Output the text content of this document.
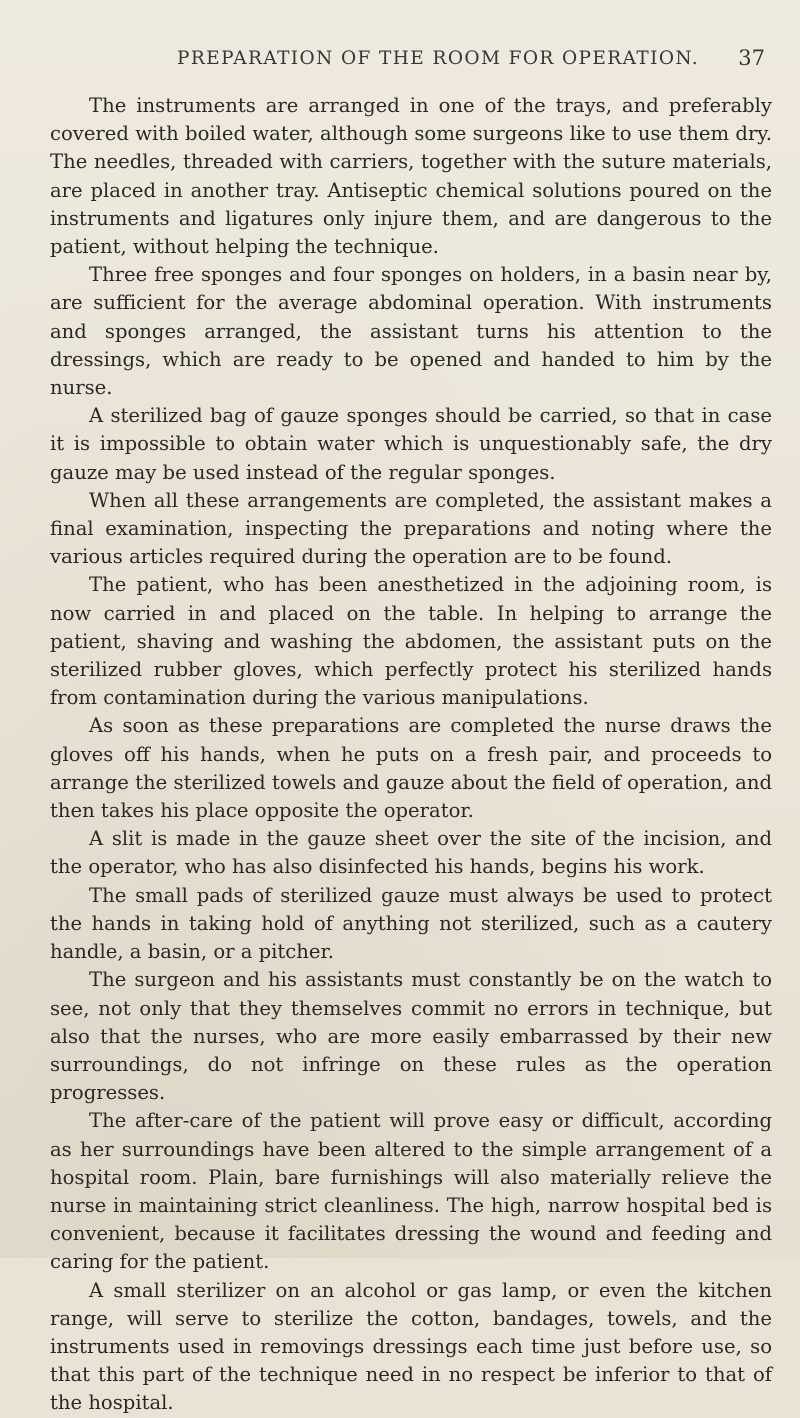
PREPARATION OF THE ROOM FOR OPERATION. 37

The instruments are arranged in one of the trays, and preferably covered with boiled water, although some surgeons like to use them dry. The needles, threaded with carriers, together with the suture materials, are placed in another tray. Antiseptic chemical solutions poured on the instruments and ligatures only injure them, and are dangerous to the patient, without helping the technique.

Three free sponges and four sponges on holders, in a basin near by, are sufficient for the average abdominal operation. With instruments and sponges arranged, the assistant turns his attention to the dressings, which are ready to be opened and handed to him by the nurse.

A sterilized bag of gauze sponges should be carried, so that in case it is impossible to obtain water which is unquestionably safe, the dry gauze may be used instead of the regular sponges.

When all these arrangements are completed, the assistant makes a final examination, inspecting the preparations and noting where the various articles required during the operation are to be found.

The patient, who has been anesthetized in the adjoining room, is now carried in and placed on the table. In helping to arrange the patient, shaving and washing the abdomen, the assistant puts on the sterilized rubber gloves, which perfectly protect his sterilized hands from contamination during the various manipulations.

As soon as these preparations are completed the nurse draws the gloves off his hands, when he puts on a fresh pair, and proceeds to arrange the sterilized towels and gauze about the field of operation, and then takes his place opposite the operator.

A slit is made in the gauze sheet over the site of the incision, and the operator, who has also disinfected his hands, begins his work.

The small pads of sterilized gauze must always be used to protect the hands in taking hold of anything not sterilized, such as a cautery handle, a basin, or a pitcher.

The surgeon and his assistants must constantly be on the watch to see, not only that they themselves commit no errors in technique, but also that the nurses, who are more easily embarrassed by their new surroundings, do not infringe on these rules as the operation progresses.

The after-care of the patient will prove easy or difficult, according as her surroundings have been altered to the simple arrangement of a hospital room. Plain, bare furnishings will also materially relieve the nurse in maintaining strict cleanliness. The high, narrow hospital bed is convenient, because it facilitates dressing the wound and feeding and caring for the patient.

A small sterilizer on an alcohol or gas lamp, or even the kitchen range, will serve to sterilize the cotton, bandages, towels, and the instruments used in removings dressings each time just before use, so that this part of the technique need in no respect be inferior to that of the hospital.
